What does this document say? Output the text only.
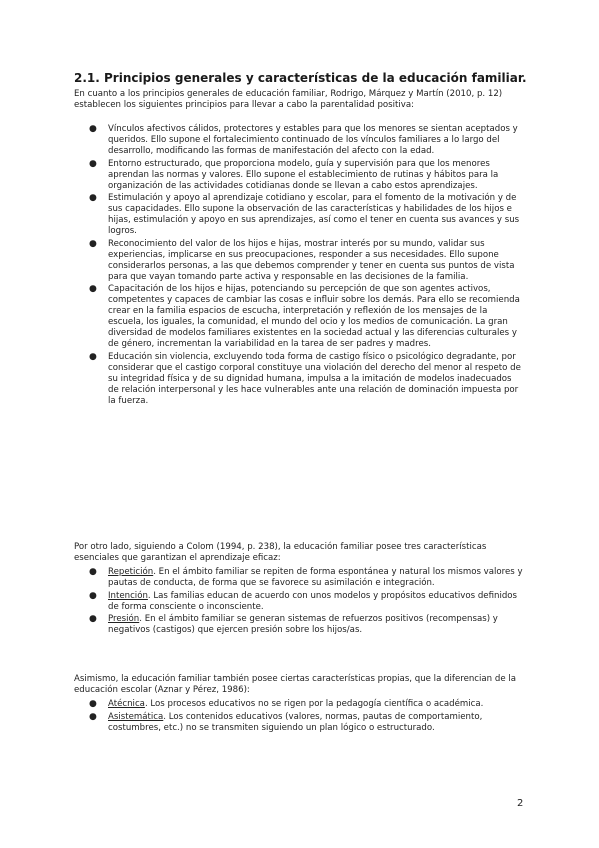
2.1. Principios generales y características de la educación familiar.

En cuanto a los principios generales de educación familiar, Rodrigo, Márquez y Martín (2010, p. 12) establecen los siguientes principios para llevar a cabo la parentalidad positiva:

● Vínculos afectivos cálidos, protectores y estables para que los menores se sientan aceptados y queridos. Ello supone el fortalecimiento continuado de los vínculos familiares a lo largo del desarrollo, modificando las formas de manifestación del afecto con la edad.
● Entorno estructurado, que proporciona modelo, guía y supervisión para que los menores aprendan las normas y valores. Ello supone el establecimiento de rutinas y hábitos para la organización de las actividades cotidianas donde se llevan a cabo estos aprendizajes.
● Estimulación y apoyo al aprendizaje cotidiano y escolar, para el fomento de la motivación y de sus capacidades. Ello supone la observación de las características y habilidades de los hijos e hijas, estimulación y apoyo en sus aprendizajes, así como el tener en cuenta sus avances y sus logros.
● Reconocimiento del valor de los hijos e hijas, mostrar interés por su mundo, validar sus experiencias, implicarse en sus preocupaciones, responder a sus necesidades. Ello supone considerarlos personas, a las que debemos comprender y tener en cuenta sus puntos de vista para que vayan tomando parte activa y responsable en las decisiones de la familia.
● Capacitación de los hijos e hijas, potenciando su percepción de que son agentes activos, competentes y capaces de cambiar las cosas e influir sobre los demás. Para ello se recomienda crear en la familia espacios de escucha, interpretación y reflexión de los mensajes de la escuela, los iguales, la comunidad, el mundo del ocio y los medios de comunicación. La gran diversidad de modelos familiares existentes en la sociedad actual y las diferencias culturales y de género, incrementan la variabilidad en la tarea de ser padres y madres.
● Educación sin violencia, excluyendo toda forma de castigo físico o psicológico degradante, por considerar que el castigo corporal constituye una violación del derecho del menor al respeto de su integridad física y de su dignidad humana, impulsa a la imitación de modelos inadecuados de relación interpersonal y les hace vulnerables ante una relación de dominación impuesta por la fuerza.

Por otro lado, siguiendo a Colom (1994, p. 238), la educación familiar posee tres características esenciales que garantizan el aprendizaje eficaz:

● Repetición. En el ámbito familiar se repiten de forma espontánea y natural los mismos valores y pautas de conducta, de forma que se favorece su asimilación e integración.
● Intención. Las familias educan de acuerdo con unos modelos y propósitos educativos definidos de forma consciente o inconsciente.
● Presión. En el ámbito familiar se generan sistemas de refuerzos positivos (recompensas) y negativos (castigos) que ejercen presión sobre los hijos/as.

Asimismo, la educación familiar también posee ciertas características propias, que la diferencian de la educación escolar (Aznar y Pérez, 1986):

● Atécnica. Los procesos educativos no se rigen por la pedagogía científica o académica.
● Asistemática. Los contenidos educativos (valores, normas, pautas de comportamiento, costumbres, etc.) no se transmiten siguiendo un plan lógico o estructurado.
2
